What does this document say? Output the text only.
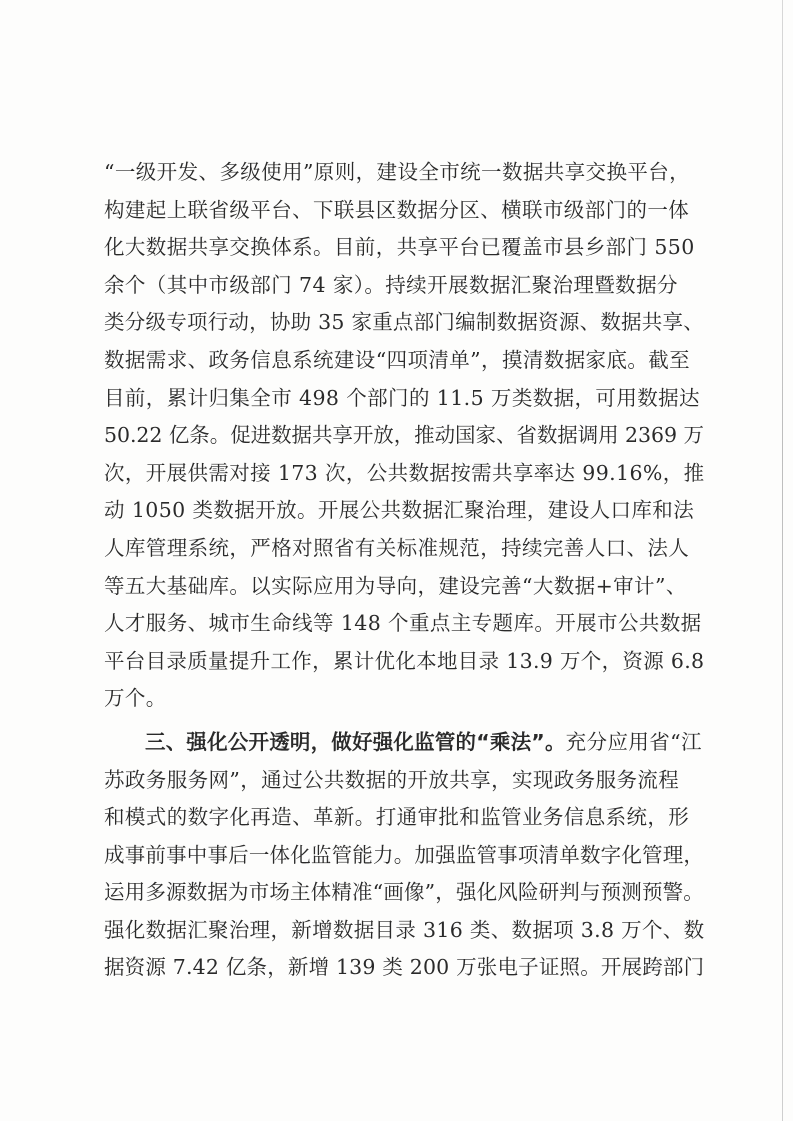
“一级开发、多级使用”原则，建设全市统一数据共享交换平台，
构建起上联省级平台、下联县区数据分区、横联市级部门的一体
化大数据共享交换体系。目前，共享平台已覆盖市县乡部门 550
余个（其中市级部门 74 家）。持续开展数据汇聚治理暨数据分
类分级专项行动，协助 35 家重点部门编制数据资源、数据共享、
数据需求、政务信息系统建设“四项清单”，摸清数据家底。截至
目前，累计归集全市 498 个部门的 11.5 万类数据，可用数据达
50.22 亿条。促进数据共享开放，推动国家、省数据调用 2369 万
次，开展供需对接 173 次，公共数据按需共享率达 99.16%，推
动 1050 类数据开放。开展公共数据汇聚治理，建设人口库和法
人库管理系统，严格对照省有关标准规范，持续完善人口、法人
等五大基础库。以实际应用为导向，建设完善“大数据+审计”、
人才服务、城市生命线等 148 个重点主专题库。开展市公共数据
平台目录质量提升工作，累计优化本地目录 13.9 万个，资源 6.8
万个。
三、强化公开透明，做好强化监管的“乘法”。充分应用省“江
苏政务服务网”，通过公共数据的开放共享，实现政务服务流程
和模式的数字化再造、革新。打通审批和监管业务信息系统，形
成事前事中事后一体化监管能力。加强监管事项清单数字化管理，
运用多源数据为市场主体精准“画像”，强化风险研判与预测预警。
强化数据汇聚治理，新增数据目录 316 类、数据项 3.8 万个、数
据资源 7.42 亿条，新增 139 类 200 万张电子证照。开展跨部门
